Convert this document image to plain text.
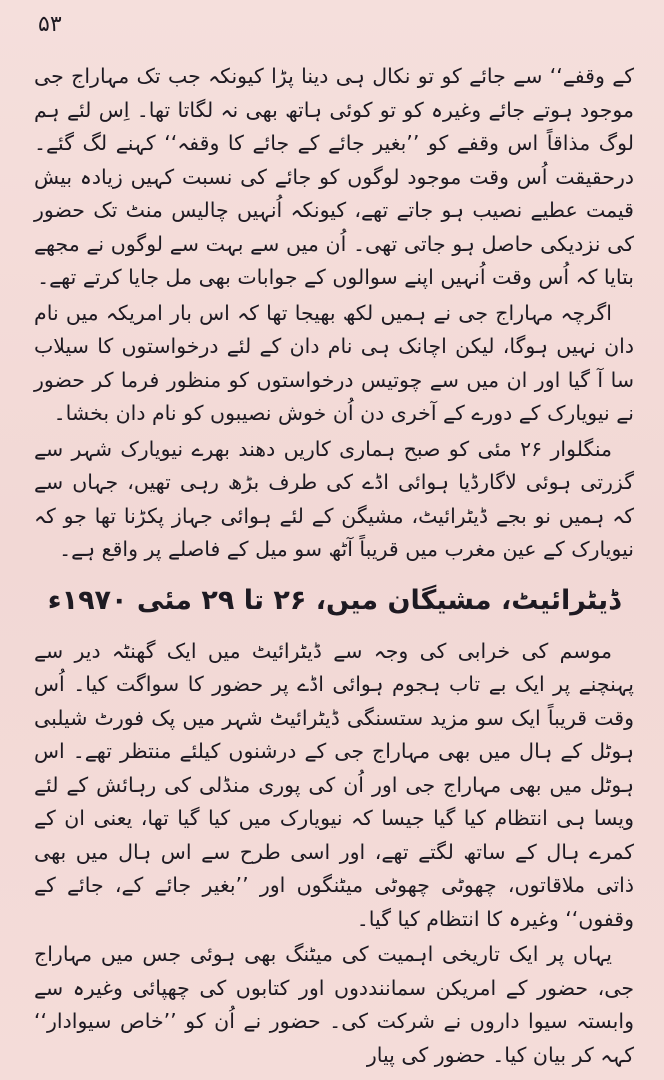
۵۳

کے وقفے‘‘ سے جائے کو تو نکال ہی دینا پڑا کیونکہ جب تک مہاراج جی موجود ہوتے جائے وغیرہ کو تو کوئی ہاتھ بھی نہ لگاتا تھا۔ اِس لئے ہم لوگ مذاقاً اس وقفے کو ’’بغیر جائے کے جائے کا وقفہ‘‘ کہنے لگ گئے۔ درحقیقت اُس وقت موجود لوگوں کو جائے کی نسبت کہیں زیادہ بیش قیمت عطیے نصیب ہو جاتے تھے، کیونکہ اُنہیں چالیس منٹ تک حضور کی نزدیکی حاصل ہو جاتی تھی۔ اُن میں سے بہت سے لوگوں نے مجھے بتایا کہ اُس وقت اُنہیں اپنے سوالوں کے جوابات بھی مل جایا کرتے تھے۔

اگرچہ مہاراج جی نے ہمیں لکھ بھیجا تھا کہ اس بار امریکہ میں نام دان نہیں ہوگا، لیکن اچانک ہی نام دان کے لئے درخواستوں کا سیلاب سا آ گیا اور ان میں سے چوتیس درخواستوں کو منظور فرما کر حضور نے نیویارک کے دورے کے آخری دن اُن خوش نصیبوں کو نام دان بخشا۔

منگلوار ۲۶ مئی کو صبح ہماری کاریں دھند بھرے نیویارک شہر سے گزرتی ہوئی لاگارڈیا ہوائی اڈے کی طرف بڑھ رہی تھیں، جہاں سے کہ ہمیں نو بجے ڈیٹرائیٹ، مشیگن کے لئے ہوائی جہاز پکڑنا تھا جو کہ نیویارک کے عین مغرب میں قریباً آٹھ سو میل کے فاصلے پر واقع ہے۔

ڈیٹرائیٹ، مشیگان میں، ۲۶ تا ۲۹ مئی ۱۹۷۰ء

موسم کی خرابی کی وجہ سے ڈیٹرائیٹ میں ایک گھنٹہ دیر سے پہنچنے پر ایک بے تاب ہجوم ہوائی اڈے پر حضور کا سواگت کیا۔ اُس وقت قریباً ایک سو مزید ستسنگی ڈیٹرائیٹ شہر میں پک فورٹ شیلبی ہوٹل کے ہال میں بھی مہاراج جی کے درشنوں کیلئے منتظر تھے۔ اس ہوٹل میں بھی مہاراج جی اور اُن کی پوری منڈلی کی رہائش کے لئے ویسا ہی انتظام کیا گیا جیسا کہ نیویارک میں کیا گیا تھا، یعنی ان کے کمرے ہال کے ساتھ لگتے تھے، اور اسی طرح سے اس ہال میں بھی ذاتی ملاقاتوں، چھوٹی چھوٹی میٹنگوں اور ’’بغیر جائے کے، جائے کے وقفوں‘‘ وغیرہ کا انتظام کیا گیا۔

یہاں پر ایک تاریخی اہمیت کی میٹنگ بھی ہوئی جس میں مہاراج جی، حضور کے امریکن سماننددوں اور کتابوں کی چھپائی وغیرہ سے وابستہ سیوا داروں نے شرکت کی۔ حضور نے اُن کو ’’خاص سیوادار‘‘ کہہ کر بیان کیا۔ حضور کی پیار
